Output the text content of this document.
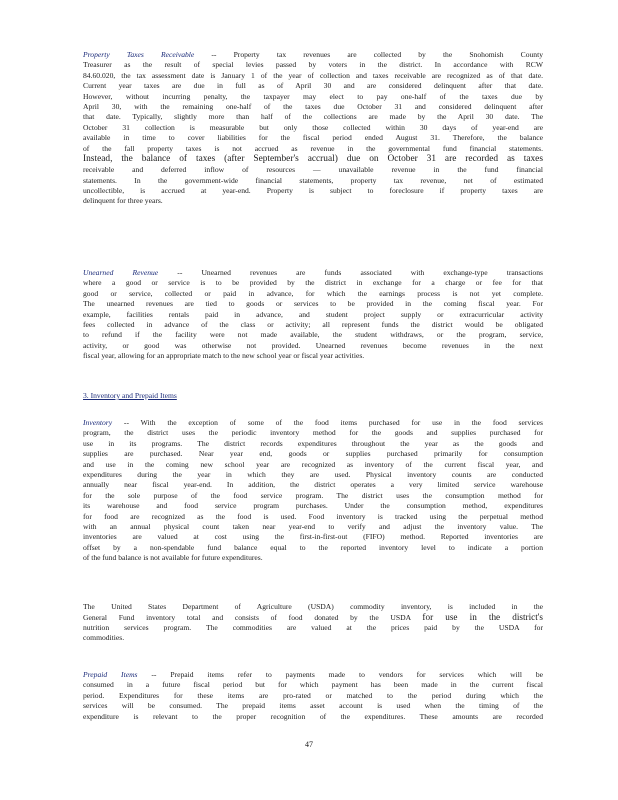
Property Taxes Receivable -- Property tax revenues are collected by the Snohomish County
Treasurer as the result of special levies passed by voters in the district. In accordance with RCW
84.60.020, the tax assessment date is January 1 of the year of collection and taxes receivable are recognized as of that date.
Current year taxes are due in full as of April 30 and are considered delinquent after that date.
However, without incurring penalty, the taxpayer may elect to pay one-half of the taxes due by
April 30, with the remaining one-half of the taxes due October 31 and considered delinquent after
that date. Typically, slightly more than half of the collections are made by the April 30 date. The
October 31 collection is measurable but only those collected within 30 days of year-end are
available in time to cover liabilities for the fiscal period ended August 31. Therefore, the balance
of the fall property taxes is not accrued as revenue in the governmental fund financial statements.
Instead, the balance of taxes (after September's accrual) due on October 31 are recorded as taxes
receivable and deferred inflow of resources — unavailable revenue in the fund financial
statements. In the government-wide financial statements, property tax revenue, net of estimated
uncollectible, is accrued at year-end. Property is subject to foreclosure if property taxes are
delinquent for three years.
Unearned Revenue	-- Unearned revenues are funds associated with exchange-type transactions
where a good or service is to be provided by the district in exchange for a charge or fee for that
good or service, collected or paid in advance, for which the earnings process is not yet complete.
The unearned revenues are tied to goods or services to be provided in the coming fiscal year. For
example, facilities rentals paid in advance, and student project supply or extracurricular activity
fees collected in advance of the class or activity; all represent funds the district would be obligated
to refund if the facility were not made available, the student withdraws, or the program, service,
activity, or good was otherwise not provided. Unearned revenues become revenues in the next
fiscal year, allowing for an appropriate match to the new school year or fiscal year activities.
Inventory -- With the exception of some of the food items purchased for use in the food services
program, the district uses the periodic inventory method for the goods and supplies purchased for
use in its programs. The district records expenditures throughout the year as the goods and
supplies are purchased. Near year end, goods or supplies purchased primarily for consumption
and use in the coming new school year are recognized as inventory of the current fiscal year, and
expenditures during the year in which they are used. Physical inventory counts are conducted
annually near fiscal year-end. In addition, the district operates a very limited service warehouse
for the sole purpose of the food service program. The district uses the consumption method for
its warehouse and food service program purchases. Under the consumption method, expenditures
for food are recognized as the food is used. Food inventory is tracked using the perpetual method
with an annual physical count taken near year-end to verify and adjust the inventory value. The
inventories are valued at cost using the first-in-first-out (FIFO) method. Reported inventories are
offset by a non-spendable fund balance equal to the reported inventory level to indicate a portion
of the fund balance is not available for future expenditures.
The United States Department of Agriculture (USDA) commodity inventory, is included in the
General Fund inventory total and consists of food donated by the USDA for use in the district's
nutrition services program. The commodities are valued at the prices paid by the USDA for
commodities.
Prepaid Items -- Prepaid items refer to payments made to vendors for services which will be
consumed in a future fiscal period but for which payment has been made in the current fiscal
period. Expenditures for these items are pro-rated or matched to the period during which the
services will be consumed. The prepaid items asset account is used when the timing of the
expenditure is relevant to the proper recognition of the expenditures. These amounts are recorded
3. Inventory and Prepaid Items
47
